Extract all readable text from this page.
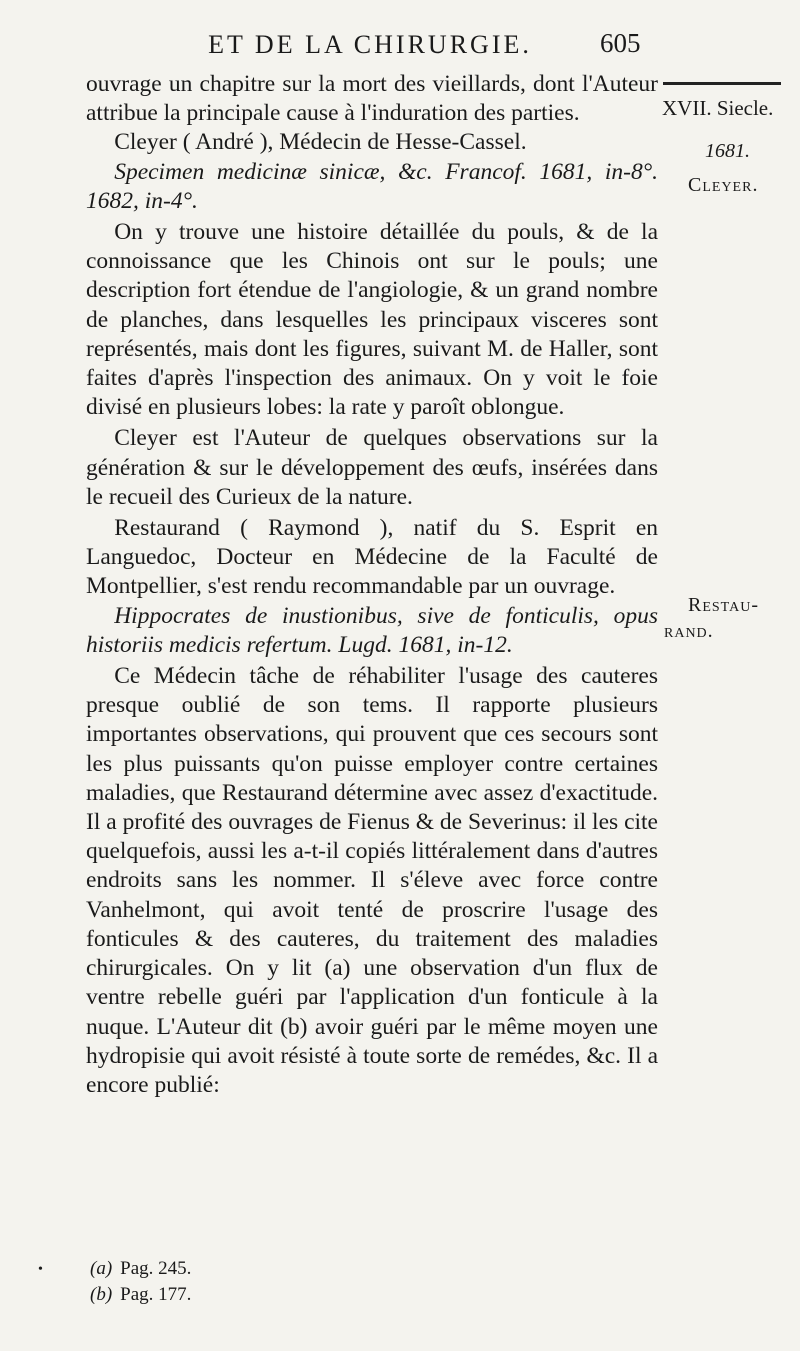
ET DE LA CHIRURGIE.	605
XVII. Siecle.
1681.
Cleyer.
Restau-
rand.

ouvrage un chapitre sur la mort des vieillards, dont l'Auteur attribue la principale cause à l'induration des parties.

Cleyer ( André ), Médecin de Hesse-Cassel.

Specimen medicinæ sinicæ, &c. Francof. 1681, in-8°. 1682, in-4°.

On y trouve une histoire détaillée du pouls, & de la connoissance que les Chinois ont sur le pouls; une description fort étendue de l'angiologie, & un grand nombre de planches, dans lesquelles les principaux visceres sont représentés, mais dont les figures, suivant M. de Haller, sont faites d'après l'inspection des animaux. On y voit le foie divisé en plusieurs lobes: la rate y paroît oblongue.

Cleyer est l'Auteur de quelques observations sur la génération & sur le développement des œufs, insérées dans le recueil des Curieux de la nature.

Restaurand ( Raymond ), natif du S. Esprit en Languedoc, Docteur en Médecine de la Faculté de Montpellier, s'est rendu recommandable par un ouvrage.

Hippocrates de inustionibus, sive de fonticulis, opus historiis medicis refertum. Lugd. 1681, in-12.

Ce Médecin tâche de réhabiliter l'usage des cauteres presque oublié de son tems. Il rapporte plusieurs importantes observations, qui prouvent que ces secours sont les plus puissants qu'on puisse employer contre certaines maladies, que Restaurand détermine avec assez d'exactitude. Il a profité des ouvrages de Fienus & de Severinus: il les cite quelquefois, aussi les a-t-il copiés littéralement dans d'autres endroits sans les nommer. Il s'éleve avec force contre Vanhelmont, qui avoit tenté de proscrire l'usage des fonticules & des cauteres, du traitement des maladies chirurgicales. On y lit (a) une observation d'un flux de ventre rebelle guéri par l'application d'un fonticule à la nuque. L'Auteur dit (b) avoir guéri par le même moyen une hydropisie qui avoit résisté à toute sorte de remédes, &c. Il a encore publié:

• (a) Pag. 245.
(b) Pag. 177.
